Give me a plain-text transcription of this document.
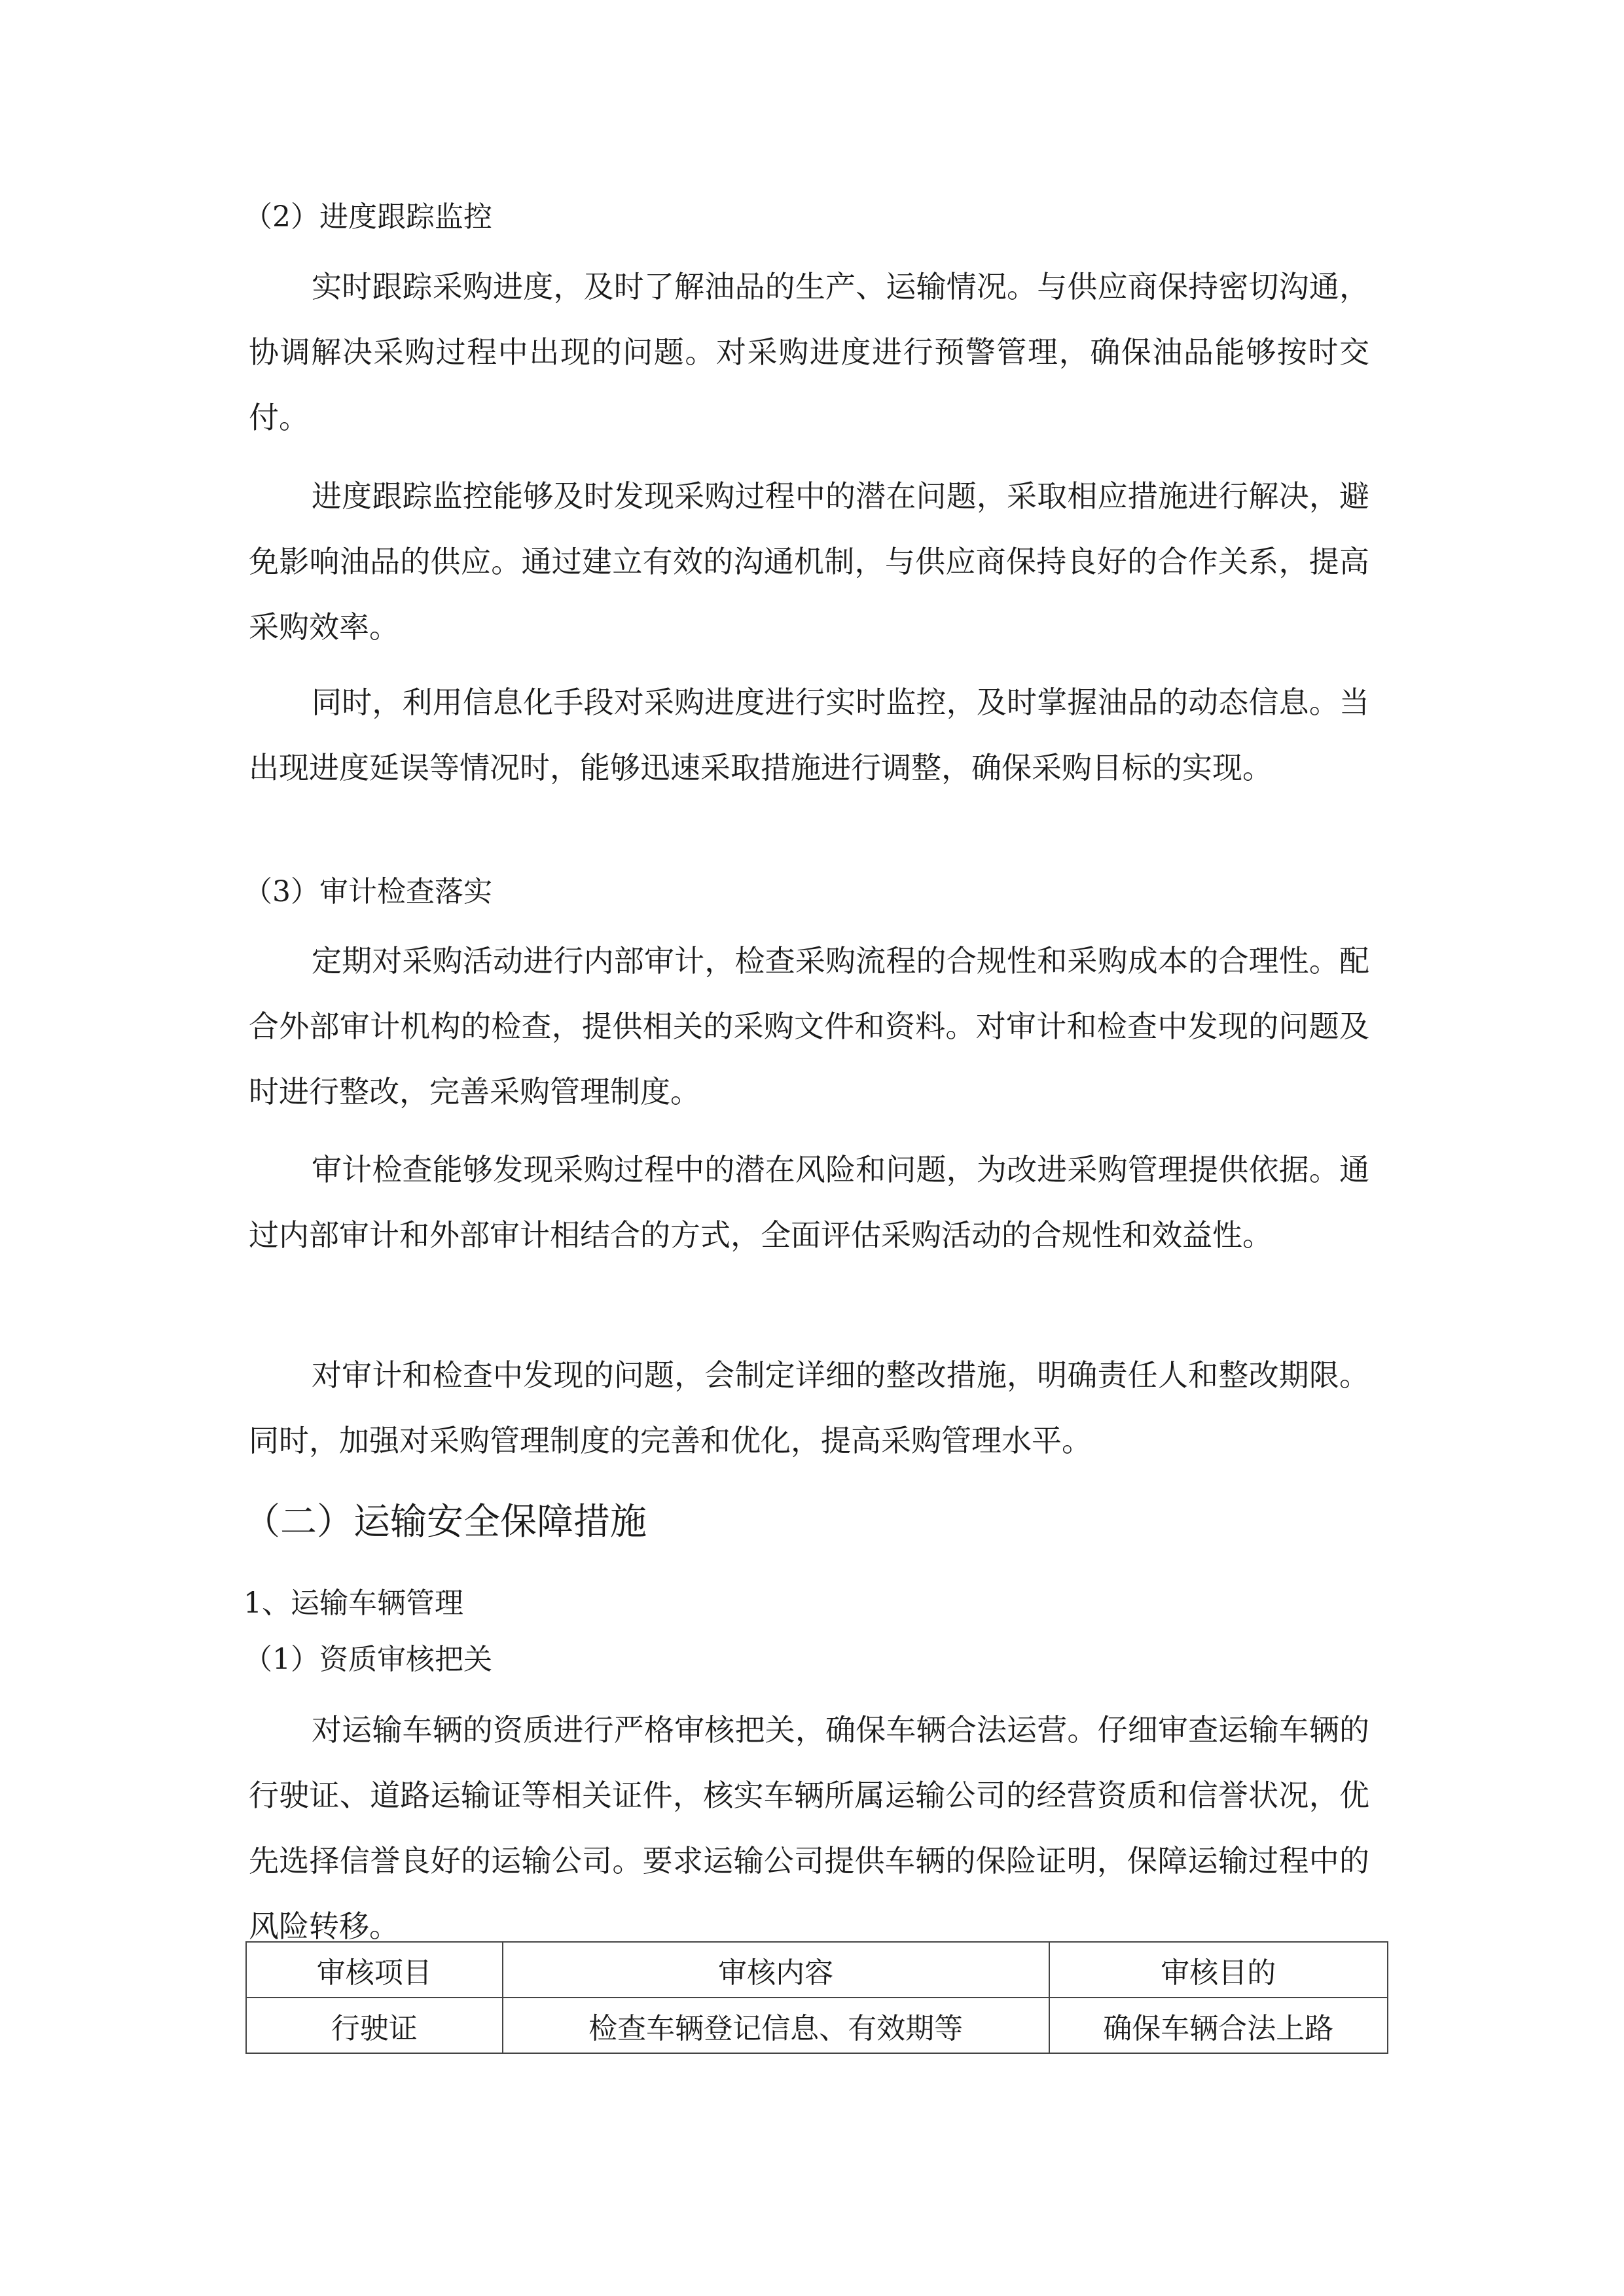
（2）进度跟踪监控

实时跟踪采购进度，及时了解油品的生产、运输情况。与供应商保持密切沟通，协调解决采购过程中出现的问题。对采购进度进行预警管理，确保油品能够按时交付。

进度跟踪监控能够及时发现采购过程中的潜在问题，采取相应措施进行解决，避免影响油品的供应。通过建立有效的沟通机制，与供应商保持良好的合作关系，提高采购效率。

同时，利用信息化手段对采购进度进行实时监控，及时掌握油品的动态信息。当出现进度延误等情况时，能够迅速采取措施进行调整，确保采购目标的实现。

（3）审计检查落实

定期对采购活动进行内部审计，检查采购流程的合规性和采购成本的合理性。配合外部审计机构的检查，提供相关的采购文件和资料。对审计和检查中发现的问题及时进行整改，完善采购管理制度。

审计检查能够发现采购过程中的潜在风险和问题，为改进采购管理提供依据。通过内部审计和外部审计相结合的方式，全面评估采购活动的合规性和效益性。

对审计和检查中发现的问题，会制定详细的整改措施，明确责任人和整改期限。同时，加强对采购管理制度的完善和优化，提高采购管理水平。

（二）运输安全保障措施
1、运输车辆管理
（1）资质审核把关

对运输车辆的资质进行严格审核把关，确保车辆合法运营。仔细审查运输车辆的行驶证、道路运输证等相关证件，核实车辆所属运输公司的经营资质和信誉状况，优先选择信誉良好的运输公司。要求运输公司提供车辆的保险证明，保障运输过程中的风险转移。

审核项目	审核内容	审核目的
行驶证	检查车辆登记信息、有效期等	确保车辆合法上路
